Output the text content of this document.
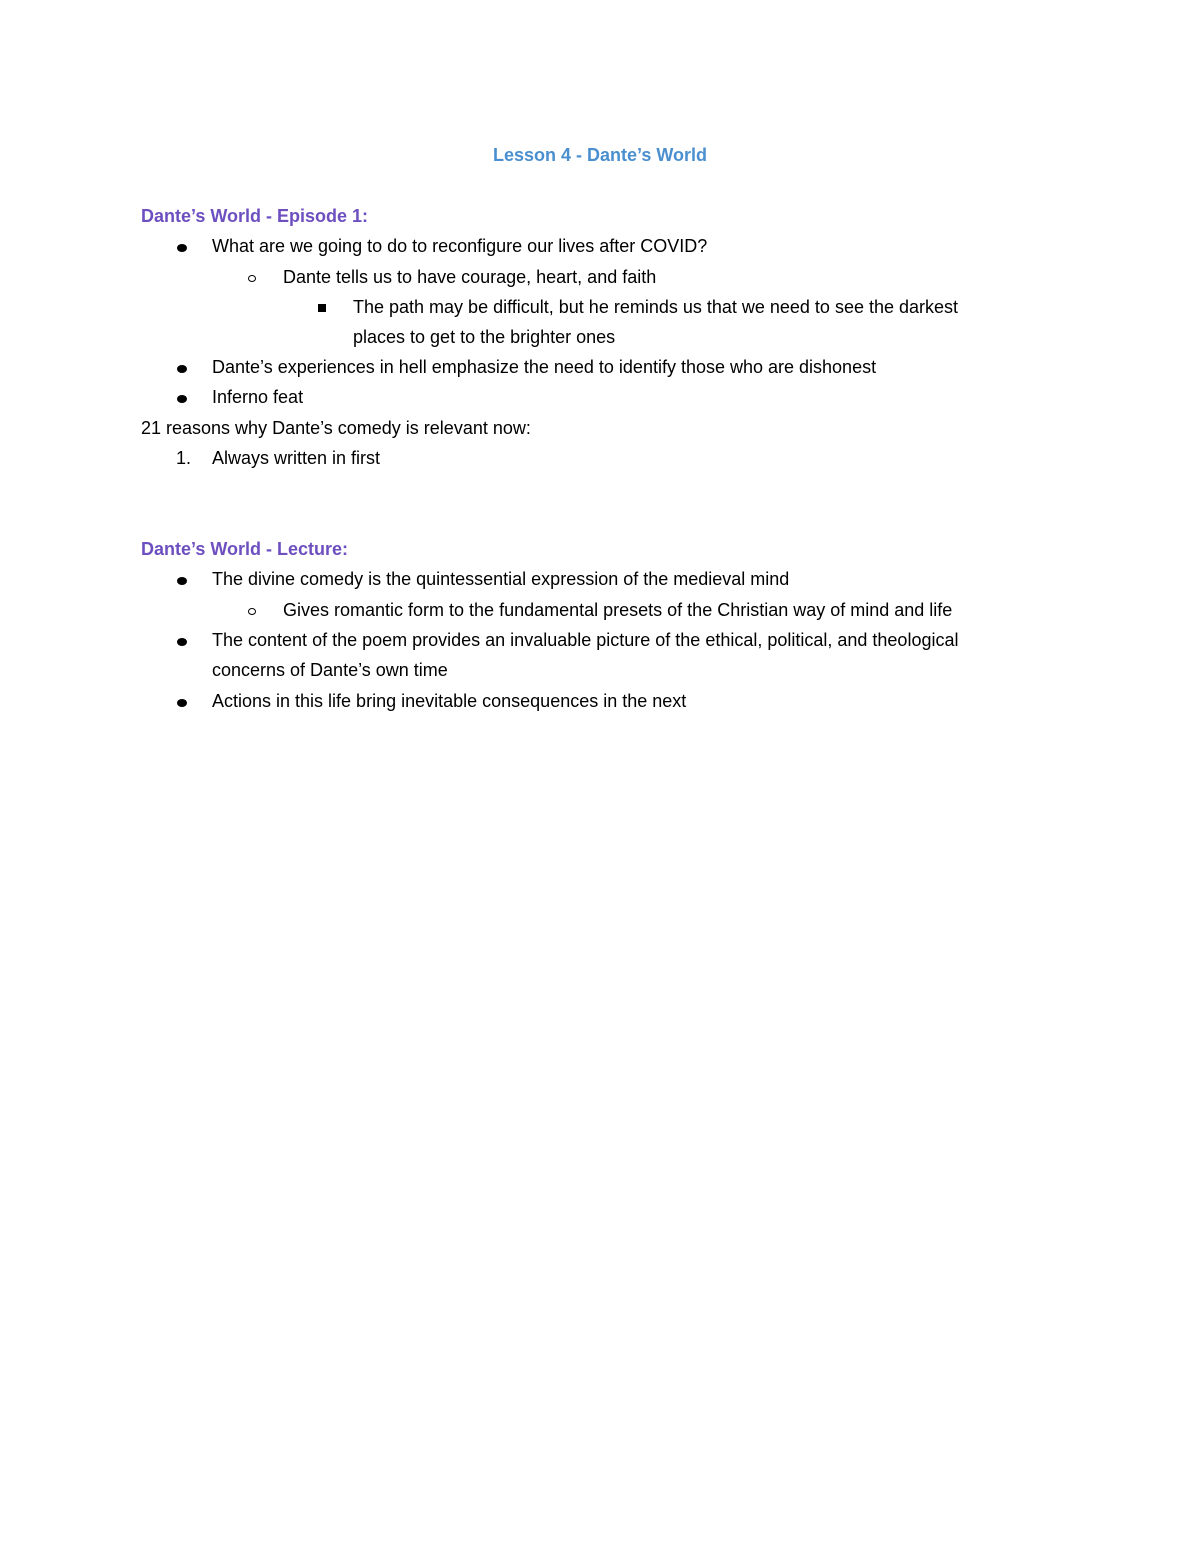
Lesson 4 - Dante’s World
Dante’s World - Episode 1:
What are we going to do to reconfigure our lives after COVID?
Dante tells us to have courage, heart, and faith
The path may be difficult, but he reminds us that we need to see the darkest
places to get to the brighter ones
Dante’s experiences in hell emphasize the need to identify those who are dishonest
Inferno feat
21 reasons why Dante’s comedy is relevant now:
1. Always written in first
Dante’s World - Lecture:
The divine comedy is the quintessential expression of the medieval mind
Gives romantic form to the fundamental presets of the Christian way of mind and life
The content of the poem provides an invaluable picture of the ethical, political, and theological
concerns of Dante’s own time
Actions in this life bring inevitable consequences in the next
